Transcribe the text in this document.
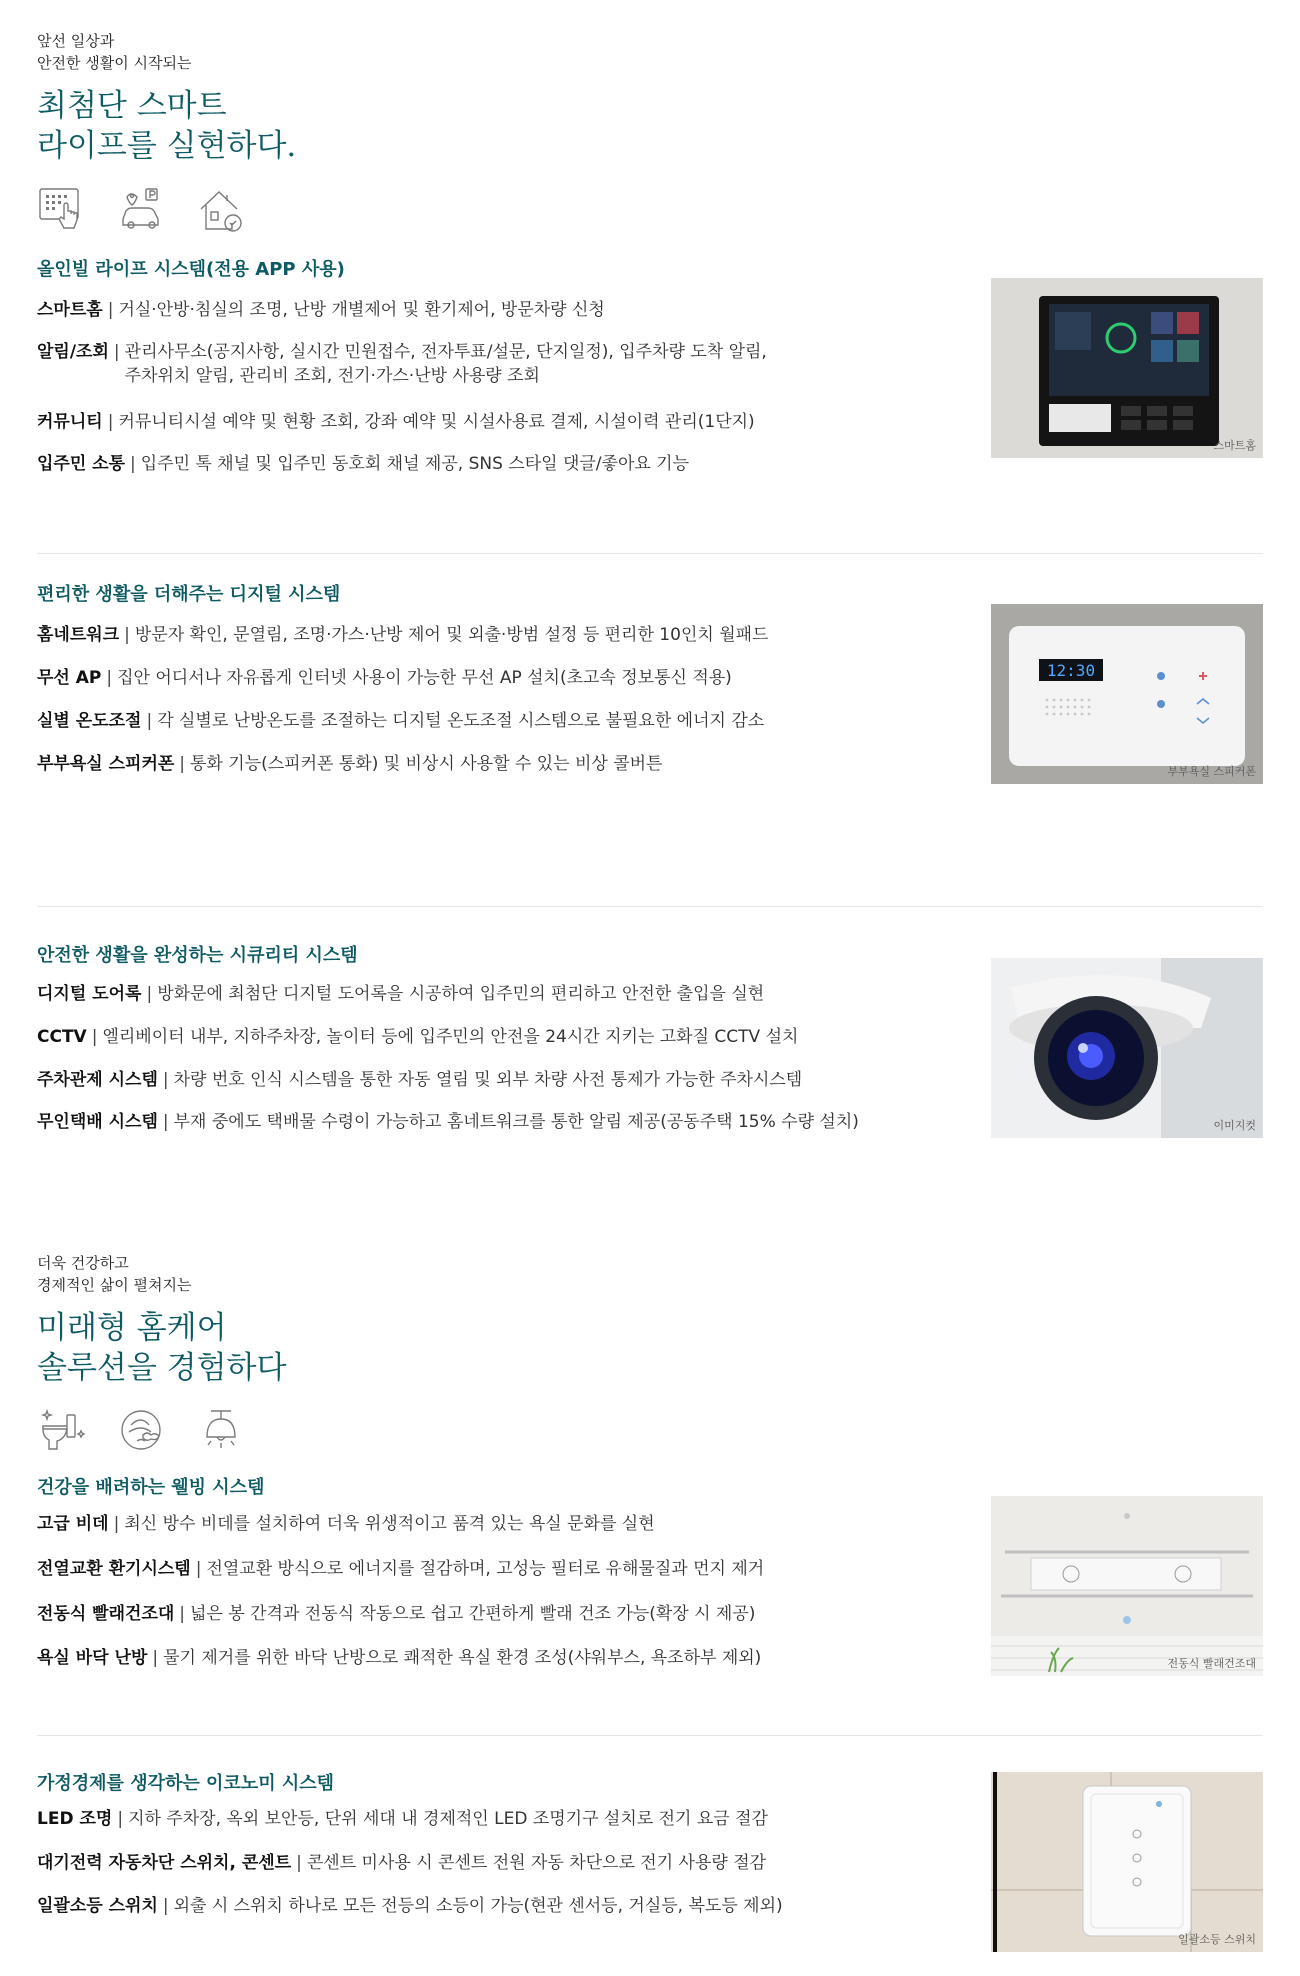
앞선 일상과
안전한 생활이 시작되는
최첨단 스마트
라이프를 실현하다.
올인빌 라이프 시스템(전용 APP 사용)
스마트홈 | 거실·안방·침실의 조명, 난방 개별제어 및 환기제어, 방문차량 신청
알림/조회 | 관리사무소(공지사항, 실시간 민원접수, 전자투표/설문, 단지일정), 입주차량 도착 알림,
주차위치 알림, 관리비 조회, 전기·가스·난방 사용량 조회
커뮤니티 | 커뮤니티시설 예약 및 현황 조회, 강좌 예약 및 시설사용료 결제, 시설이력 관리(1단지)
입주민 소통 | 입주민 톡 채널 및 입주민 동호회 채널 제공, SNS 스타일 댓글/좋아요 기능
스마트홈
편리한 생활을 더해주는 디지털 시스템
홈네트워크 | 방문자 확인, 문열림, 조명·가스·난방 제어 및 외출·방범 설정 등 편리한 10인치 월패드
무선 AP | 집안 어디서나 자유롭게 인터넷 사용이 가능한 무선 AP 설치(초고속 정보통신 적용)
실별 온도조절 | 각 실별로 난방온도를 조절하는 디지털 온도조절 시스템으로 불필요한 에너지 감소
부부욕실 스피커폰 | 통화 기능(스피커폰 통화) 및 비상시 사용할 수 있는 비상 콜버튼
12:30
부부욕실 스피커폰
안전한 생활을 완성하는 시큐리티 시스템
디지털 도어록 | 방화문에 최첨단 디지털 도어록을 시공하여 입주민의 편리하고 안전한 출입을 실현
CCTV | 엘리베이터 내부, 지하주차장, 놀이터 등에 입주민의 안전을 24시간 지키는 고화질 CCTV 설치
주차관제 시스템 | 차량 번호 인식 시스템을 통한 자동 열림 및 외부 차량 사전 통제가 가능한 주차시스템
무인택배 시스템 | 부재 중에도 택배물 수령이 가능하고 홈네트워크를 통한 알림 제공(공동주택 15% 수량 설치)	이미지컷
더욱 건강하고
경제적인 삶이 펼쳐지는
미래형 홈케어
솔루션을 경험하다
건강을 배려하는 웰빙 시스템
고급 비데 | 최신 방수 비데를 설치하여 더욱 위생적이고 품격 있는 욕실 문화를 실현
전열교환 환기시스템 | 전열교환 방식으로 에너지를 절감하며, 고성능 필터로 유해물질과 먼지 제거
전동식 빨래건조대 | 넓은 봉 간격과 전동식 작동으로 쉽고 간편하게 빨래 건조 가능(확장 시 제공)
욕실 바닥 난방 | 물기 제거를 위한 바닥 난방으로 쾌적한 욕실 환경 조성(샤워부스, 욕조하부 제외)	전동식 빨래건조대
가정경제를 생각하는 이코노미 시스템
LED 조명 | 지하 주차장, 옥외 보안등, 단위 세대 내 경제적인 LED 조명기구 설치로 전기 요금 절감
대기전력 자동차단 스위치, 콘센트 | 콘센트 미사용 시 콘센트 전원 자동 차단으로 전기 사용량 절감
일괄소등 스위치 | 외출 시 스위치 하나로 모든 전등의 소등이 가능(현관 센서등, 거실등, 복도등 제외)
일괄소등 스위치
